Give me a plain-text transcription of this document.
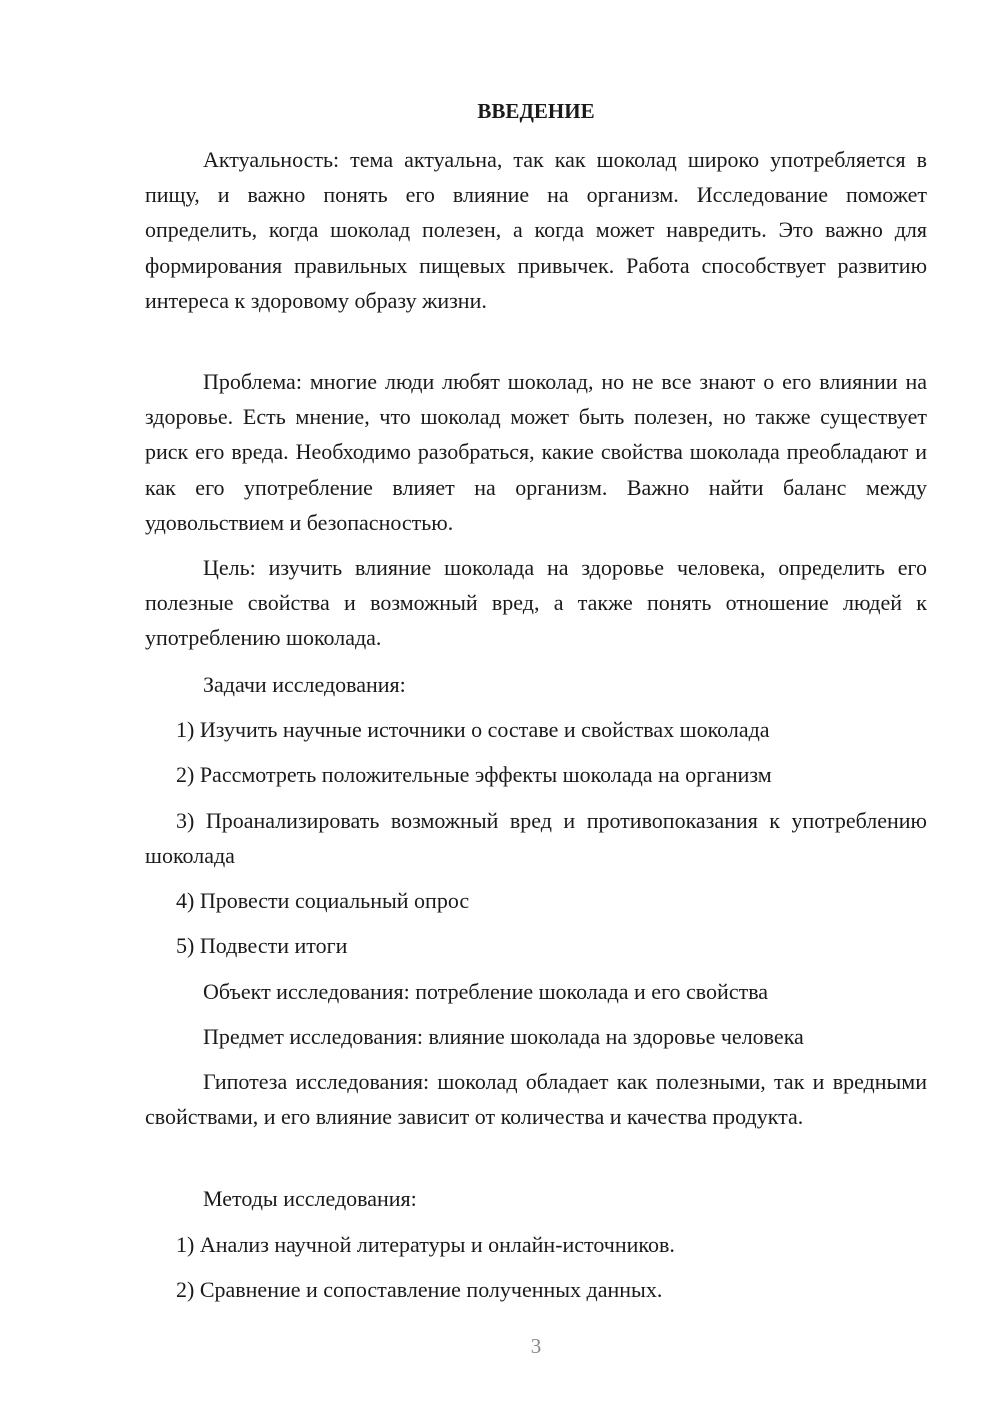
ВВЕДЕНИЕ

Актуальность: тема актуальна, так как шоколад широко употребляется в пищу, и важно понять его влияние на организм. Исследование поможет определить, когда шоколад полезен, а когда может навредить. Это важно для формирования правильных пищевых привычек. Работа способствует развитию интереса к здоровому образу жизни.

Проблема: многие люди любят шоколад, но не все знают о его влиянии на здоровье. Есть мнение, что шоколад может быть полезен, но также существует риск его вреда. Необходимо разобраться, какие свойства шоколада преобладают и как его употребление влияет на организм. Важно найти баланс между удовольствием и безопасностью.

Цель: изучить влияние шоколада на здоровье человека, определить его полезные свойства и возможный вред, а также понять отношение людей к употреблению шоколада.

Задачи исследования:

1) Изучить научные источники о составе и свойствах шоколада

2) Рассмотреть положительные эффекты шоколада на организм

3) Проанализировать возможный вред и противопоказания к употреблению шоколада

4) Провести социальный опрос

5) Подвести итоги

Объект исследования: потребление шоколада и его свойства

Предмет исследования: влияние шоколада на здоровье человека

Гипотеза исследования: шоколад обладает как полезными, так и вредными свойствами, и его влияние зависит от количества и качества продукта.

Методы исследования:

1) Анализ научной литературы и онлайн-источников.

2) Сравнение и сопоставление полученных данных.

3
